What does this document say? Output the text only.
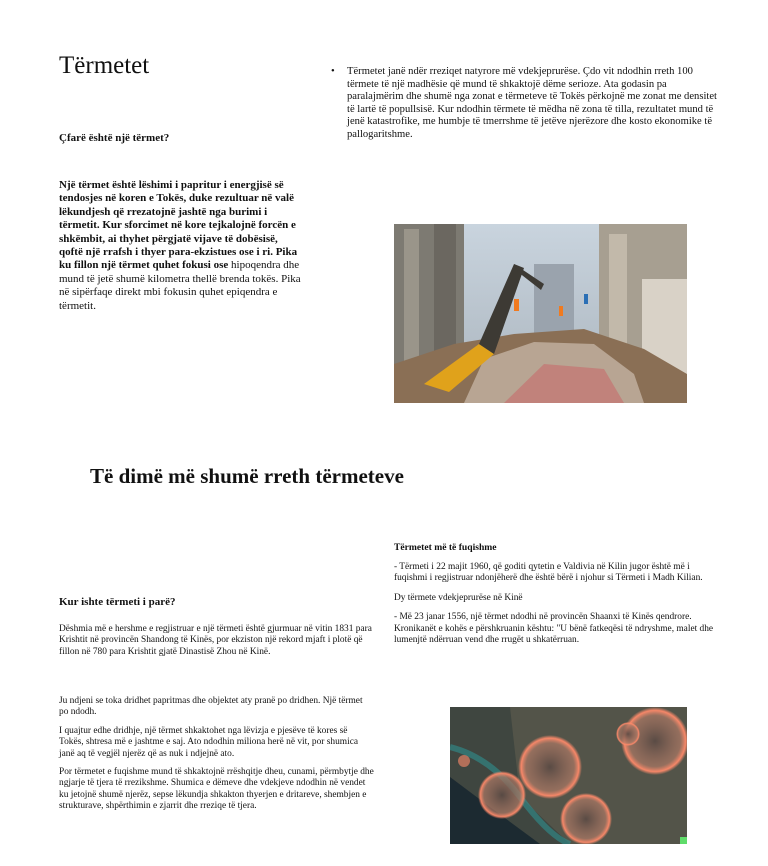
Tërmetet
Çfarë është një tërmet?
Një tërmet është lëshimi i papritur i energjisë së tendosjes në koren e Tokës, duke rezultuar në valë lëkundjesh që rrezatojnë jashtë nga burimi i tërmetit. Kur sforcimet në kore tejkalojnë forcën e shkëmbit, ai thyhet përgjatë vijave të dobësisë, qoftë një rrafsh i thyer para-ekzistues ose i ri. Pika ku fillon një tërmet quhet fokusi ose hipoqendra dhe mund të jetë shumë kilometra thellë brenda tokës. Pika në sipërfaqe direkt mbi fokusin quhet epiqendra e tërmetit.
• Tërmetet janë ndër rreziqet natyrore më vdekjeprurëse. Çdo vit ndodhin rreth 100 tërmete të një madhësie që mund të shkaktojë dëme serioze. Ata godasin pa paralajmërim dhe shumë nga zonat e tërmeteve të Tokës përkojnë me zonat me densitet të lartë të popullsisë. Kur ndodhin tërmete të mëdha në zona të tilla, rezultatet mund të jenë katastrofike, me humbje të tmerrshme të jetëve njerëzore dhe kosto ekonomike të pallogaritshme.
Të dimë më shumë rreth tërmeteve
Kur ishte tërmeti i parë?

Dëshmia më e hershme e regjistruar e një tërmeti është gjurmuar në vitin 1831 para Krishtit në provincën Shandong të Kinës, por ekziston një rekord mjaft i plotë që fillon në 780 para Krishtit gjatë Dinastisë Zhou në Kinë.

Ju ndjeni se toka dridhet papritmas dhe objektet aty pranë po dridhen. Një tërmet po ndodh.

I quajtur edhe dridhje, një tërmet shkaktohet nga lëvizja e pjesëve të kores së Tokës, shtresa më e jashtme e saj. Ato ndodhin miliona herë në vit, por shumica janë aq të vegjël njerëz që as nuk i ndjejnë ato.

Por tërmetet e fuqishme mund të shkaktojnë rrëshqitje dheu, cunami, përmbytje dhe ngjarje të tjera të rrezikshme. Shumica e dëmeve dhe vdekjeve ndodhin në vendet ku jetojnë shumë njerëz, sepse lëkundja shkakton thyerjen e dritareve, shembjen e strukturave, shpërthimin e zjarrit dhe rreziqe të tjera.

Tërmetet më të fuqishme

- Tërmeti i 22 majit 1960, që goditi qytetin e Valdivia në Kilin jugor është më i fuqishmi i regjistruar ndonjëherë dhe është bërë i njohur si Tërmeti i Madh Kilian.

Dy tërmete vdekjeprurëse në Kinë

- Më 23 janar 1556, një tërmet ndodhi në provincën Shaanxi të Kinës qendrore. Kronikanët e kohës e përshkruanin kështu: "U bënë fatkeqësi të ndryshme, malet dhe lumenjtë ndërruan vend dhe rrugët u shkatërruan.
